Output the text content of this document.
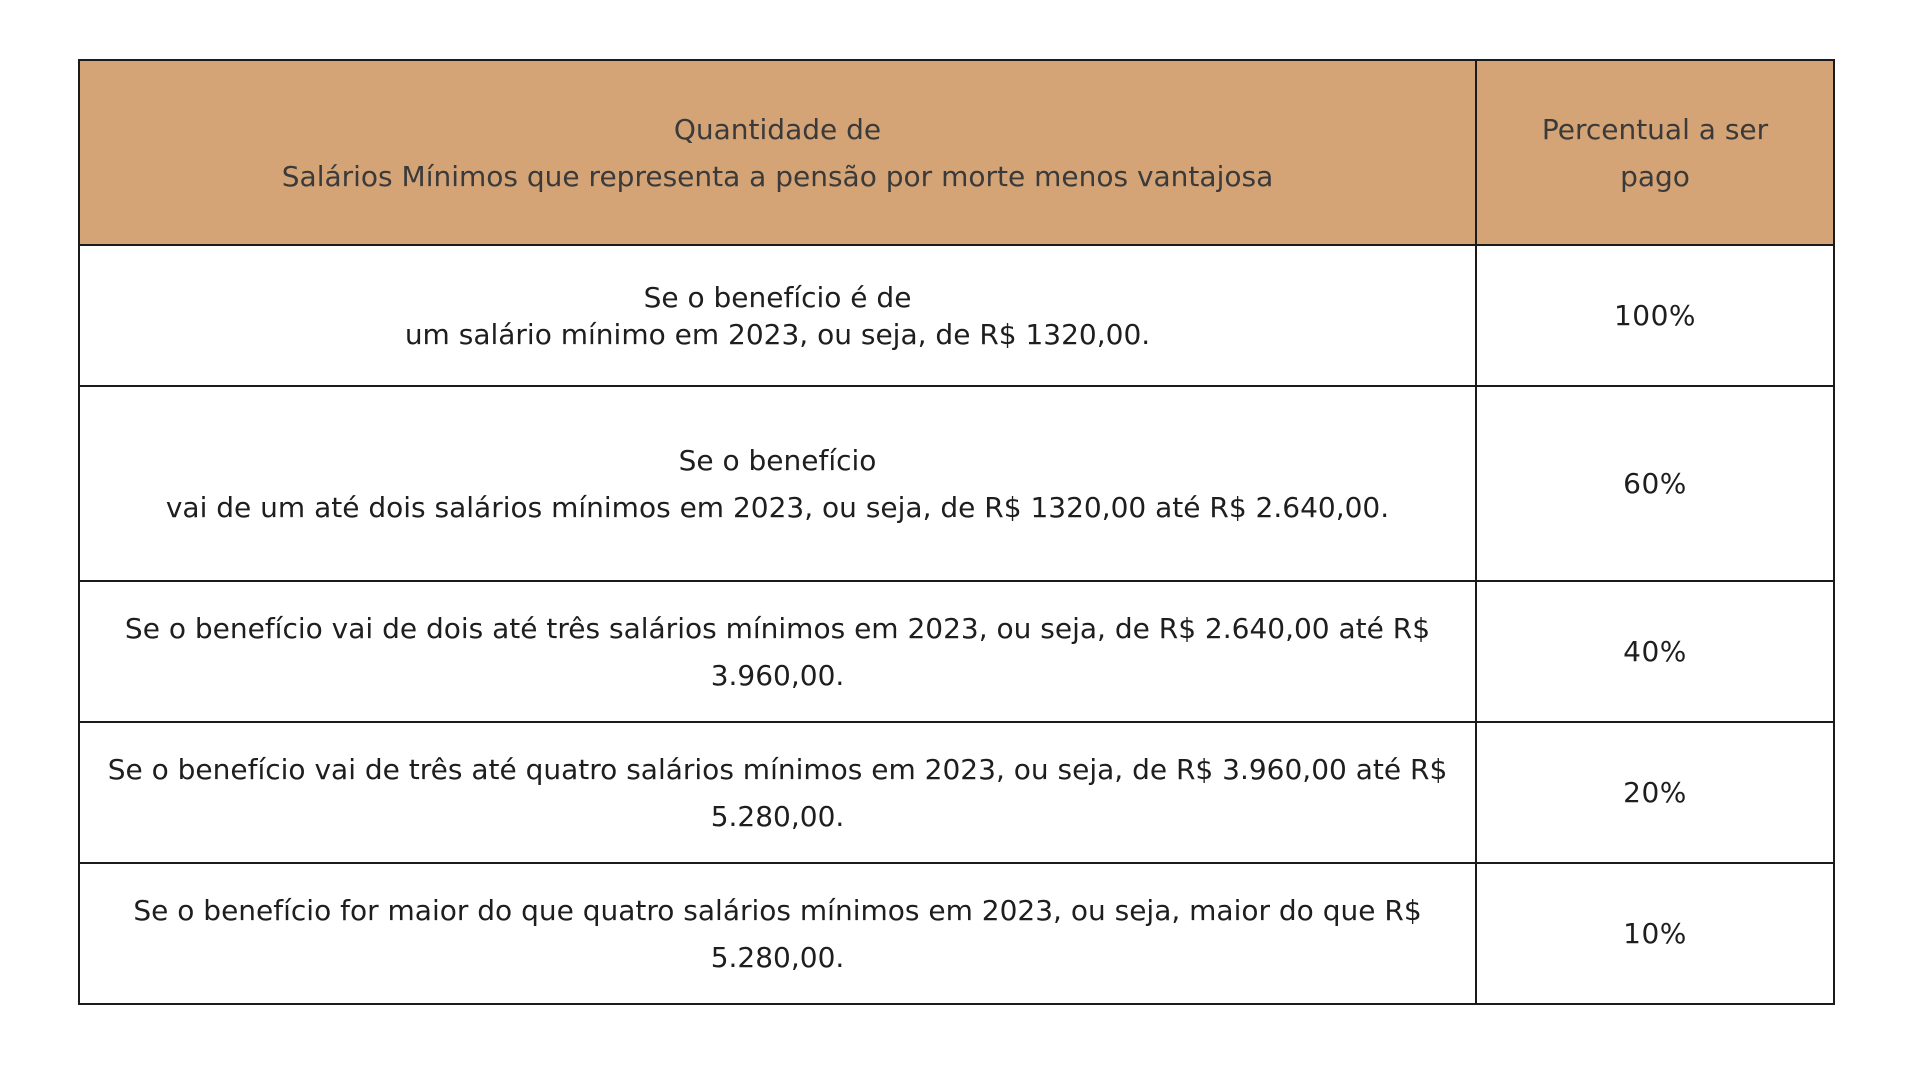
Quantidade de
Salários Mínimos que representa a pensão por morte menos vantajosa	Percentual a ser
pago

Se o benefício é de
um salário mínimo em 2023, ou seja, de R$ 1320,00.	100%

Se o benefício
vai de um até dois salários mínimos em 2023, ou seja, de R$ 1320,00 até R$ 2.640,00.	60%

Se o benefício vai de dois até três salários mínimos em 2023, ou seja, de R$ 2.640,00 até R$
3.960,00.	40%

Se o benefício vai de três até quatro salários mínimos em 2023, ou seja, de R$ 3.960,00 até R$
5.280,00.	20%

Se o benefício for maior do que quatro salários mínimos em 2023, ou seja, maior do que R$
5.280,00.	10%
